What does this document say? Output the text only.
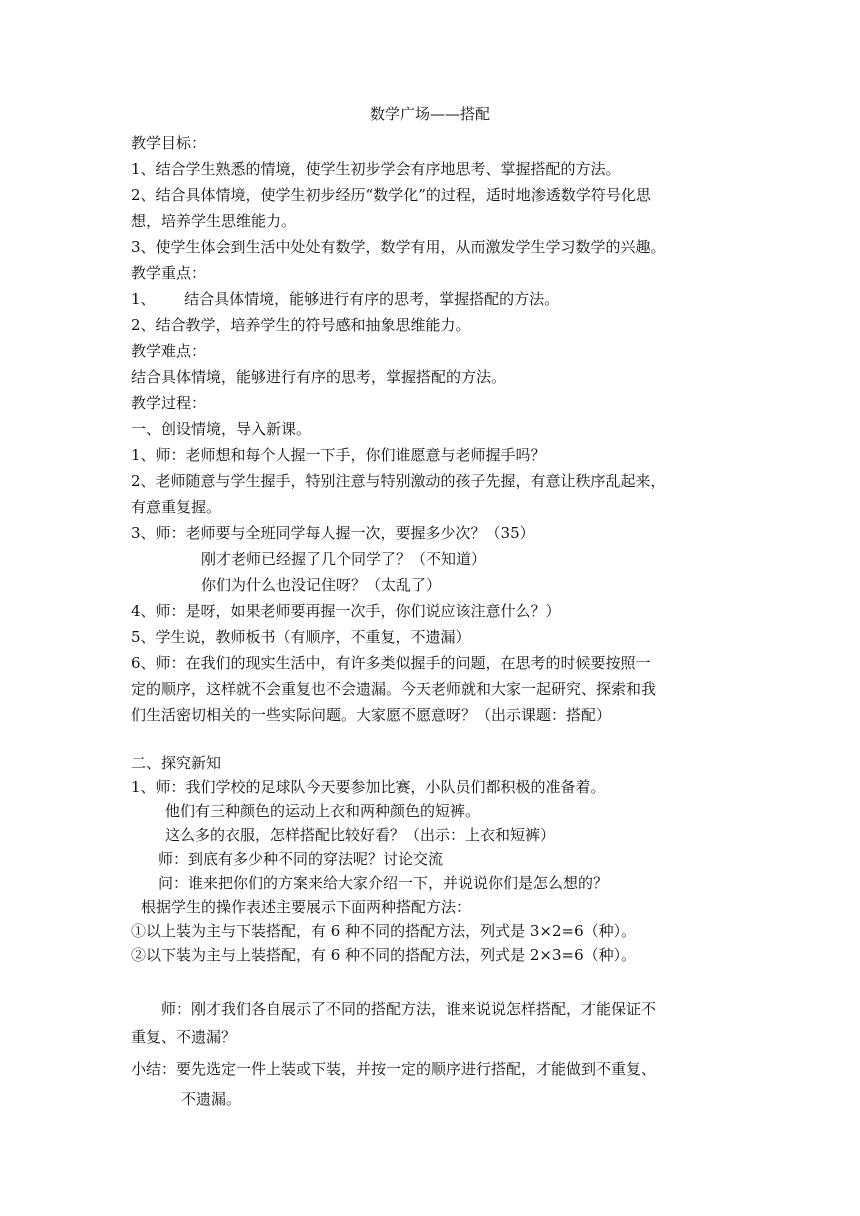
数学广场——搭配
教学目标：
1、结合学生熟悉的情境，使学生初步学会有序地思考、掌握搭配的方法。
2、结合具体情境，使学生初步经历“数学化”的过程，适时地渗透数学符号化思
想，培养学生思维能力。
3、使学生体会到生活中处处有数学，数学有用，从而激发学生学习数学的兴趣。
教学重点：
1、      结合具体情境，能够进行有序的思考，掌握搭配的方法。
2、结合教学，培养学生的符号感和抽象思维能力。
教学难点：
结合具体情境，能够进行有序的思考，掌握搭配的方法。
教学过程：
一、创设情境，导入新课。
1、师：老师想和每个人握一下手，你们谁愿意与老师握手吗？
2、老师随意与学生握手，特别注意与特别激动的孩子先握，有意让秩序乱起来，
有意重复握。
3、师：老师要与全班同学每人握一次，要握多少次？（35）
刚才老师已经握了几个同学了？（不知道）
你们为什么也没记住呀？（太乱了）
4、师：是呀，如果老师要再握一次手，你们说应该注意什么？）
5、学生说，教师板书（有顺序，不重复，不遗漏）
6、师：在我们的现实生活中，有许多类似握手的问题，在思考的时候要按照一
定的顺序，这样就不会重复也不会遗漏。今天老师就和大家一起研究、探索和我
们生活密切相关的一些实际问题。大家愿不愿意呀？（出示课题：搭配）
二、探究新知
1、师：我们学校的足球队今天要参加比赛，小队员们都积极的准备着。
他们有三种颜色的运动上衣和两种颜色的短裤。
这么多的衣服，怎样搭配比较好看？（出示：上衣和短裤）
师：到底有多少种不同的穿法呢？讨论交流
问：谁来把你们的方案来给大家介绍一下，并说说你们是怎么想的？
根据学生的操作表述主要展示下面两种搭配方法：
①以上装为主与下装搭配，有 6 种不同的搭配方法，列式是 3×2=6（种）。
②以下装为主与上装搭配，有 6 种不同的搭配方法，列式是 2×3=6（种）。
师：刚才我们各自展示了不同的搭配方法，谁来说说怎样搭配，才能保证不
重复、不遗漏？
小结：要先选定一件上装或下装，并按一定的顺序进行搭配，才能做到不重复、
不遗漏。
